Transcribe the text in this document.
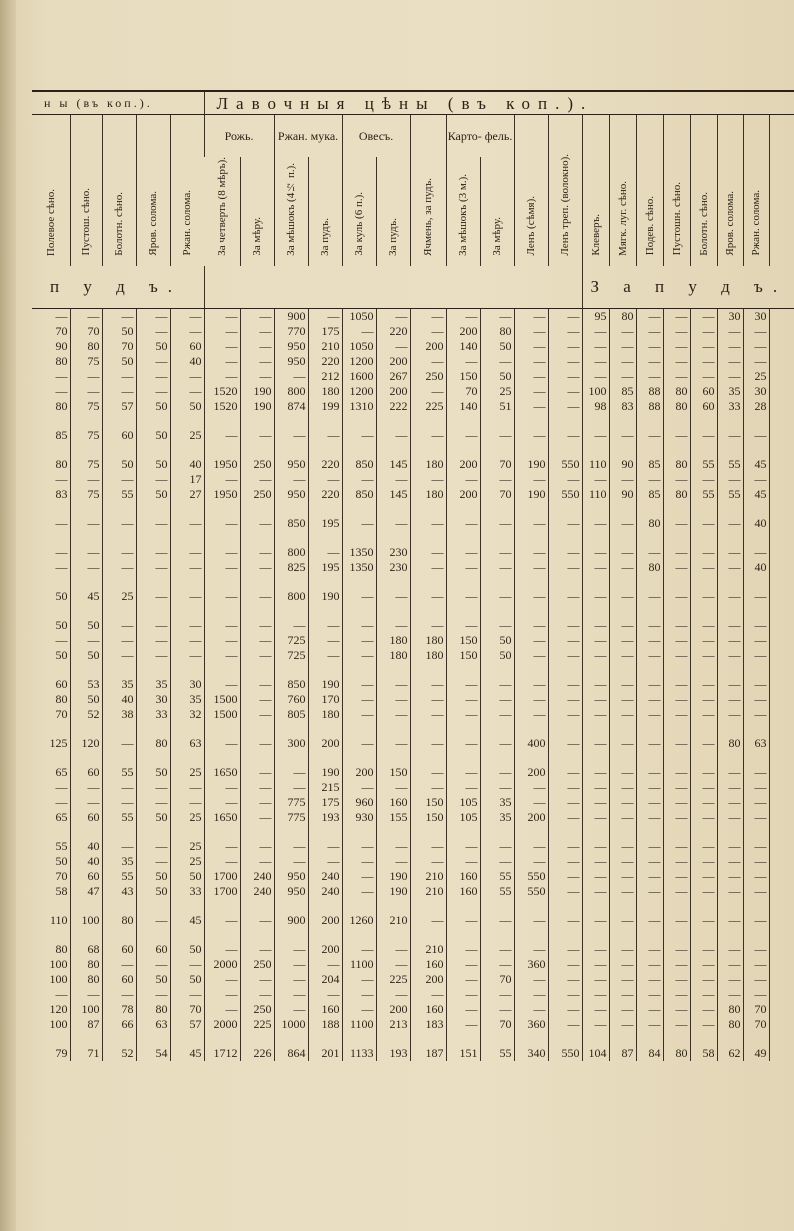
н ы (въ коп.).					Лавочныя цѣны (въ коп.).																		
Полевое сѣно.	Пустош. сѣно.	Болотн. сѣно.	Яров. солома.	Ржан. солома.	Рожь.		Ржан. мука.		Овесъ.		Ячмень, за пудъ.	Карто- фель.		Ленъ (сѣмя).	Ленъ треп. (волокно).	Клеверъ.	Мягк. луг. сѣно.	Подев. сѣно.	Пустошн. сѣно.	Болотн. сѣно.	Яров. солома.	Ржан. солома.	
					За четверть (8 мѣръ).	За мѣру.	За мѣшокъ (4½ п.).	За пудъ.	За куль (6 п.).	За пудъ.		За мѣшокъ (3 м.).	За мѣру.										
п у д ъ.																З а п у д ъ.							
—	—	—	—	—	—	—	900	—	1050	—	—	—	—	—	—	95	80	—	—	—	30	30	
70	70	50	—	—	—	—	770	175	—	220	—	200	80	—	—	—	—	—	—	—	—	—	
90	80	70	50	60	—	—	950	210	1050	—	200	140	50	—	—	—	—	—	—	—	—	—	
80	75	50	—	40	—	—	950	220	1200	200	—	—	—	—	—	—	—	—	—	—	—	—	
—	—	—	—	—	—	—	—	212	1600	267	250	150	50	—	—	—	—	—	—	—	—	25	
—	—	—	—	—	1520	190	800	180	1200	200	—	70	25	—	—	100	85	88	80	60	35	30	
80	75	57	50	50	1520	190	874	199	1310	222	225	140	51	—	—	98	83	88	80	60	33	28	

85	75	60	50	25	—	—	—	—	—	—	—	—	—	—	—	—	—	—	—	—	—	—	

80	75	50	50	40	1950	250	950	220	850	145	180	200	70	190	550	110	90	85	80	55	55	45	
—	—	—	—	17	—	—	—	—	—	—	—	—	—	—	—	—	—	—	—	—	—	—	
83	75	55	50	27	1950	250	950	220	850	145	180	200	70	190	550	110	90	85	80	55	55	45	

—	—	—	—	—	—	—	850	195	—	—	—	—	—	—	—	—	—	80	—	—	—	40	

—	—	—	—	—	—	—	800	—	1350	230	—	—	—	—	—	—	—	—	—	—	—	—	
—	—	—	—	—	—	—	825	195	1350	230	—	—	—	—	—	—	—	80	—	—	—	40	

50	45	25	—	—	—	—	800	190	—	—	—	—	—	—	—	—	—	—	—	—	—	—	

50	50	—	—	—	—	—	—	—	—	—	—	—	—	—	—	—	—	—	—	—	—	—	
—	—	—	—	—	—	—	725	—	—	180	180	150	50	—	—	—	—	—	—	—	—	—	
50	50	—	—	—	—	—	725	—	—	180	180	150	50	—	—	—	—	—	—	—	—	—	

60	53	35	35	30	—	—	850	190	—	—	—	—	—	—	—	—	—	—	—	—	—	—	
80	50	40	30	35	1500	—	760	170	—	—	—	—	—	—	—	—	—	—	—	—	—	—	
70	52	38	33	32	1500	—	805	180	—	—	—	—	—	—	—	—	—	—	—	—	—	—	

125	120	—	80	63	—	—	300	200	—	—	—	—	—	400	—	—	—	—	—	—	80	63	

65	60	55	50	25	1650	—	—	190	200	150	—	—	—	200	—	—	—	—	—	—	—	—	
—	—	—	—	—	—	—	—	215	—	—	—	—	—	—	—	—	—	—	—	—	—	—	
—	—	—	—	—	—	—	775	175	960	160	150	105	35	—	—	—	—	—	—	—	—	—	
65	60	55	50	25	1650	—	775	193	930	155	150	105	35	200	—	—	—	—	—	—	—	—	

55	40	—	—	25	—	—	—	—	—	—	—	—	—	—	—	—	—	—	—	—	—	—	
50	40	35	—	25	—	—	—	—	—	—	—	—	—	—	—	—	—	—	—	—	—	—	
70	60	55	50	50	1700	240	950	240	—	190	210	160	55	550	—	—	—	—	—	—	—	—	
58	47	43	50	33	1700	240	950	240	—	190	210	160	55	550	—	—	—	—	—	—	—	—	

110	100	80	—	45	—	—	900	200	1260	210	—	—	—	—	—	—	—	—	—	—	—	—	

80	68	60	60	50	—	—	—	200	—	—	210	—	—	—	—	—	—	—	—	—	—	—	
100	80	—	—	—	2000	250	—	—	1100	—	160	—	—	360	—	—	—	—	—	—	—	—	
100	80	60	50	50	—	—	—	204	—	225	200	—	70	—	—	—	—	—	—	—	—	—	
—	—	—	—	—	—	—	—	—	—	—	—	—	—	—	—	—	—	—	—	—	—	—	
120	100	78	80	70	—	250	—	160	—	200	160	—	—	—	—	—	—	—	—	—	80	70	
100	87	66	63	57	2000	225	1000	188	1100	213	183	—	70	360	—	—	—	—	—	—	80	70	

79	71	52	54	45	1712	226	864	201	1133	193	187	151	55	340	550	104	87	84	80	58	62	49	
